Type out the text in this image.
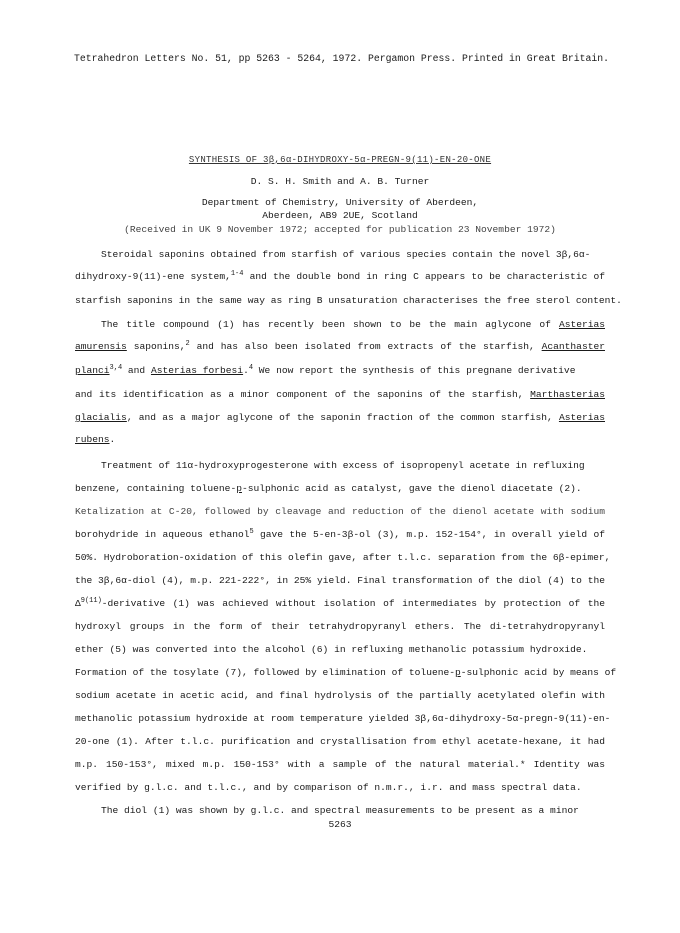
Tetrahedron Letters No. 51, pp 5263 - 5264, 1972. Pergamon Press. Printed in Great Britain.
SYNTHESIS OF 3β,6α-DIHYDROXY-5α-PREGN-9(11)-EN-20-ONE
D. S. H. Smith and A. B. Turner
Department of Chemistry, University of Aberdeen,
Aberdeen, AB9 2UE, Scotland
(Received in UK 9 November 1972; accepted for publication 23 November 1972)
Steroidal saponins obtained from starfish of various species contain the novel 3β,6α-
dihydroxy-9(11)-ene system,$^{1-4}$ and the double bond in ring C appears to be characteristic of
starfish saponins in the same way as ring B unsaturation characterises the free sterol content.
The title compound (1) has recently been shown to be the main aglycone of Asterias
amurensis saponins,$^2$ and has also been isolated from extracts of the starfish, Acanthaster
planci$^{3,4}$ and Asterias forbesi.$^4$ We now report the synthesis of this pregnane derivative
and its identification as a minor component of the saponins of the starfish, Marthasterias
glacialis, and as a major aglycone of the saponin fraction of the common starfish, Asterias
rubens.
Treatment of 11α-hydroxyprogesterone with excess of isopropenyl acetate in refluxing
benzene, containing toluene-p-sulphonic acid as catalyst, gave the dienol diacetate (2).
Ketalization at C-20, followed by cleavage and reduction of the dienol acetate with sodium
borohydride in aqueous ethanol$^5$ gave the 5-en-3β-ol (3), m.p. 152-154°, in overall yield of
50%. Hydroboration-oxidation of this olefin gave, after t.l.c. separation from the 6β-epimer,
the 3β,6α-diol (4), m.p. 221-222°, in 25% yield. Final transformation of the diol (4) to the
$\Delta^{9(11)}$-derivative (1) was achieved without isolation of intermediates by protection of the
hydroxyl groups in the form of their tetrahydropyranyl ethers. The di-tetrahydropyranyl
ether (5) was converted into the alcohol (6) in refluxing methanolic potassium hydroxide.
Formation of the tosylate (7), followed by elimination of toluene-p-sulphonic acid by means of
sodium acetate in acetic acid, and final hydrolysis of the partially acetylated olefin with
methanolic potassium hydroxide at room temperature yielded 3β,6α-dihydroxy-5α-pregn-9(11)-en-
20-one (1). After t.l.c. purification and crystallisation from ethyl acetate-hexane, it had
m.p. 150-153°, mixed m.p. 150-153° with a sample of the natural material.* Identity was
verified by g.l.c. and t.l.c., and by comparison of n.m.r., i.r. and mass spectral data.
The diol (1) was shown by g.l.c. and spectral measurements to be present as a minor
5263
